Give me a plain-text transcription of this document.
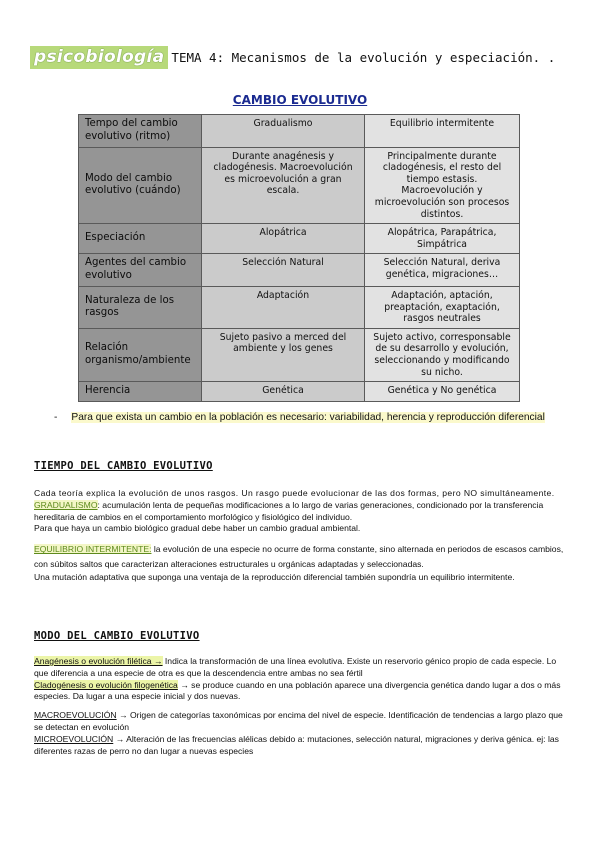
psicobiología TEMA 4: Mecanismos de la evolución y especiación. .
CAMBIO EVOLUTIVO
Tempo del cambio evolutivo (ritmo)	Gradualismo	Equilibrio intermitente
Modo del cambio evolutivo (cuándo)	Durante anagénesis y cladogénesis. Macroevolución es microevolución a gran escala.	Principalmente durante cladogénesis, el resto del tiempo estasis. Macroevolución y microevolución son procesos distintos.
Especiación	Alopátrica	Alopátrica, Parapátrica, Simpátrica
Agentes del cambio evolutivo	Selección Natural	Selección Natural, deriva genética, migraciones…
Naturaleza de los rasgos	Adaptación	Adaptación, aptación, preaptación, exaptación, rasgos neutrales
Relación organismo/ambiente	Sujeto pasivo a merced del ambiente y los genes	Sujeto activo, corresponsable de su desarrollo y evolución, seleccionando y modificando su nicho.
Herencia	Genética	Genética y No genética
- Para que exista un cambio en la población es necesario: variabilidad, herencia y reproducción diferencial
TIEMPO DEL CAMBIO EVOLUTIVO
Cada teoría explica la evolución de unos rasgos. Un rasgo puede evolucionar de las dos formas, pero NO simultáneamente.
GRADUALISMO: acumulación lenta de pequeñas modificaciones a lo largo de varias generaciones, condicionado por la transferencia hereditaria de cambios en el comportamiento morfológico y fisiológico del individuo.
Para que haya un cambio biológico gradual debe haber un cambio gradual ambiental.
EQUILIBRIO INTERMITENTE: la evolución de una especie no ocurre de forma constante, sino alternada en periodos de escasos cambios, con súbitos saltos que caracterizan alteraciones estructurales u orgánicas adaptadas y seleccionadas.
Una mutación adaptativa que suponga una ventaja de la reproducción diferencial también supondría un equilibrio intermitente.
MODO DEL CAMBIO EVOLUTIVO
Anagénesis o evolución filética → Indica la transformación de una línea evolutiva. Existe un reservorio génico propio de cada especie. Lo que diferencia a una especie de otra es que la descendencia entre ambas no sea fértil
Cladogénesis o evolución filogenética → se produce cuando en una población aparece una divergencia genética dando lugar a dos o más especies. Da lugar a una especie inicial y dos nuevas.
MACROEVOLUCIÓN → Origen de categorías taxonómicas por encima del nivel de especie. Identificación de tendencias a largo plazo que se detectan en evolución
MICROEVOLUCIÓN → Alteración de las frecuencias alélicas debido a: mutaciones, selección natural, migraciones y deriva génica. ej: las diferentes razas de perro no dan lugar a nuevas especies
